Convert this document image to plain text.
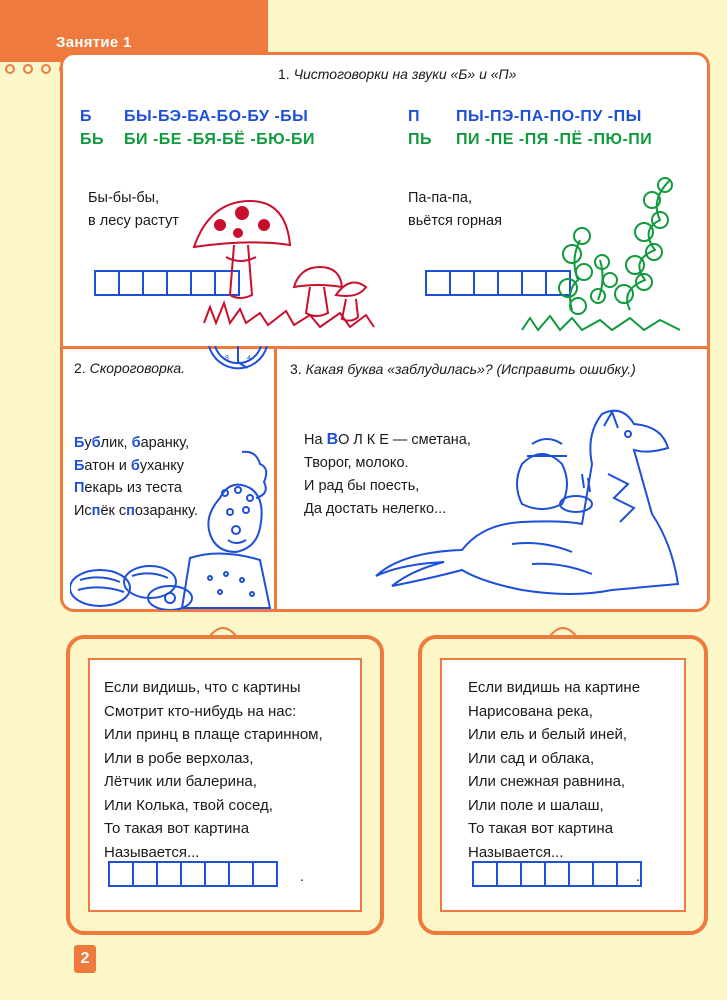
Занятие 1
1. Чистоговорки на звуки «Б» и «П»
Б БЫ-БЭ-БА-БО-БУ -БЫ
БЬ БИ -БЕ -БЯ-БЁ -БЮ-БИ
П ПЫ-ПЭ-ПА-ПО-ПУ -ПЫ
ПЬ ПИ -ПЕ -ПЯ -ПЁ -ПЮ-ПИ
Бы-бы-бы,
в лесу растут
Па-па-па,
вьётся горная
2. Скороговорка.
8	4
Бублик, баранку,
Батон и буханку
Пекарь из теста
Испёк спозаранку.
3. Какая буква «заблудилась»? (Исправить ошибку.)
На ВОЛКЕ— сметана,
Творог, молоко.
И рад бы поесть,
Да достать нелегко...
Если видишь, что с картины
Смотрит кто-нибудь на нас:
Или принц в плаще старинном,
Или в робе верхолаз,
Лётчик или балерина,
Или Колька, твой сосед,
То такая вот картина
Называется...
.
Если видишь на картине
Нарисована река,
Или ель и белый иней,
Или сад и облака,
Или снежная равнина,
Или поле и шалаш,
То такая вот картина
Называется...
.
2
